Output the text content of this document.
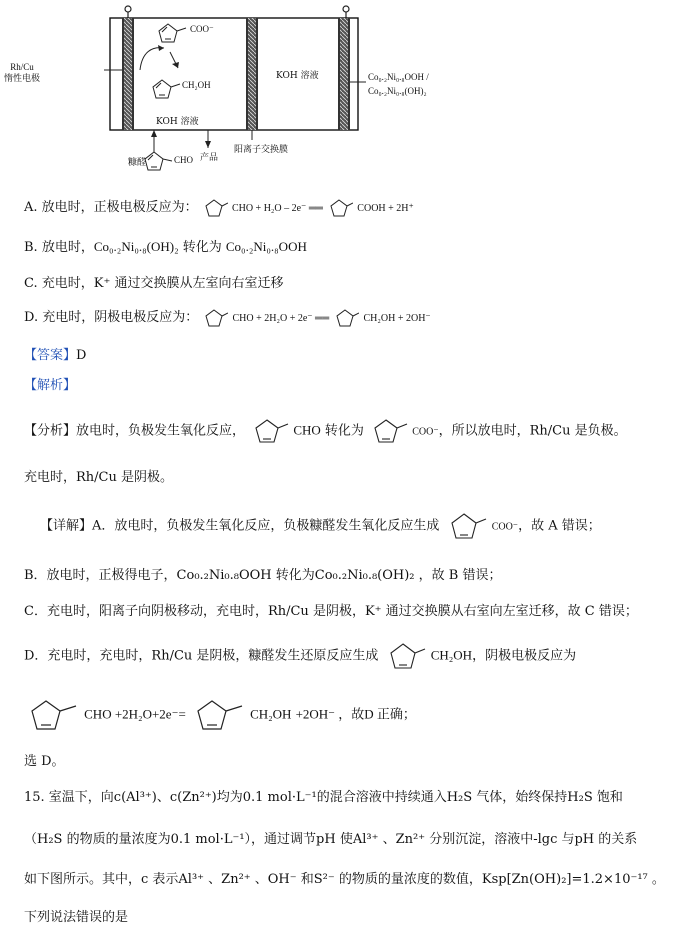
Rh/Cu
惰性电极
COO⁻
CH₂OH
KOH 溶液
KOH 溶液	Co₀.₂Ni₀.₈OOH /
Co₀.₂Ni₀.₈(OH)₂
阳离子交换膜
糠醛	CHO 产品
A. 放电时，正极电极反应为：	CHO + H₂O – 2e⁻ ══	COOH + 2H⁺
B. 放电时，Co₀.₂Ni₀.₈(OH)₂ 转化为 Co₀.₂Ni₀.₈OOH
C. 充电时，K⁺ 通过交换膜从左室向右室迁移
D. 充电时，阴极电极反应为：	CHO + 2H₂O + 2e⁻ ══	CH₂OH + 2OH⁻
【答案】D
【解析】
【分析】放电时，负极发生氧化反应，	CHO 转化为	COO⁻，所以放电时，Rh/Cu 是负极。
充电时，Rh/Cu 是阴极。
【详解】A．放电时，负极发生氧化反应，负极糠醛发生氧化反应生成	COO⁻，故 A 错误；
B．放电时，正极得电子，Co₀.₂Ni₀.₈OOH 转化为Co₀.₂Ni₀.₈(OH)₂ ，故 B 错误；
C．充电时，阳离子向阴极移动，充电时，Rh/Cu 是阴极，K⁺ 通过交换膜从右室向左室迁移，故 C 错误；
D．充电时，充电时，Rh/Cu 是阴极，糠醛发生还原反应生成	CH₂OH，阴极电极反应为
CHO +2H₂O+2e⁻=	CH₂OH +2OH⁻ ，故D 正确；
选 D。
15. 室温下，向c(Al³⁺)、c(Zn²⁺)均为0.1 mol·L⁻¹的混合溶液中持续通入H₂S 气体，始终保持H₂S 饱和
（H₂S 的物质的量浓度为0.1 mol·L⁻¹），通过调节pH 使Al³⁺ 、Zn²⁺ 分别沉淀，溶液中-lgc 与pH 的关系
如下图所示。其中，c 表示Al³⁺ 、Zn²⁺ 、OH⁻ 和S²⁻ 的物质的量浓度的数值，Ksp[Zn(OH)₂]=1.2×10⁻¹⁷ 。
下列说法错误的是
